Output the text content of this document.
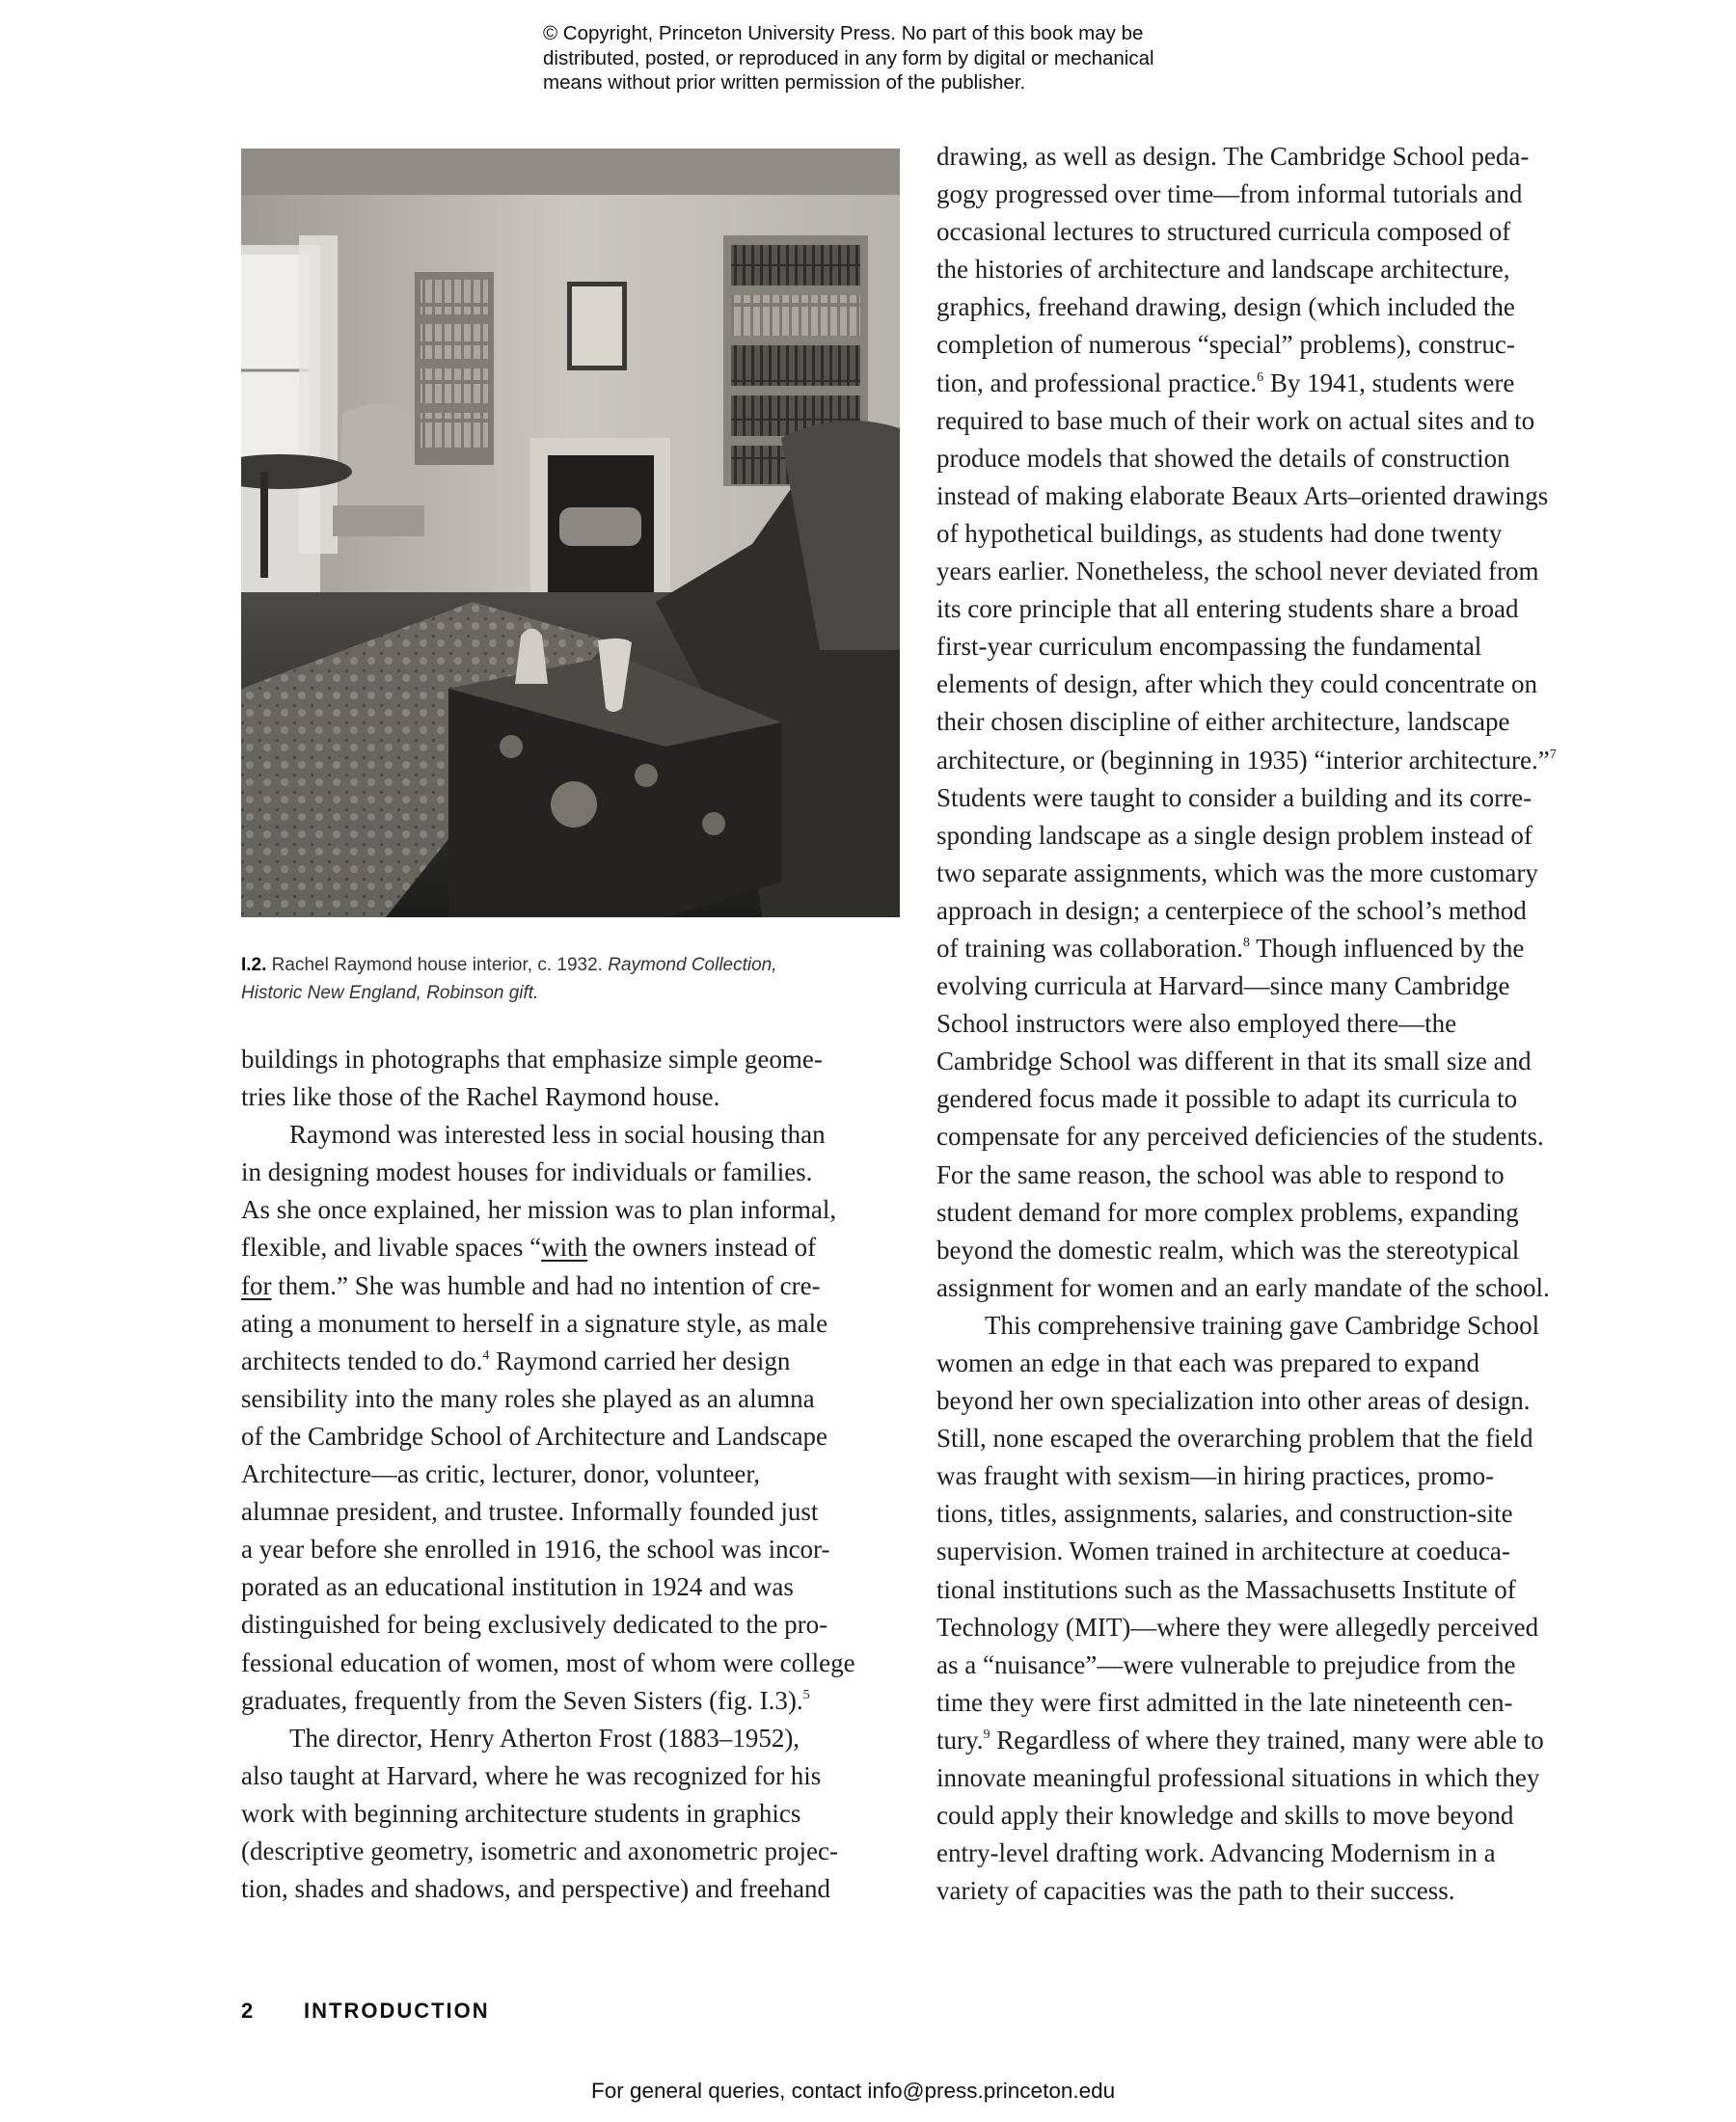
© Copyright, Princeton University Press. No part of this book may be
distributed, posted, or reproduced in any form by digital or mechanical
means without prior written permission of the publisher.
I.2. Rachel Raymond house interior, c. 1932. Raymond Collection,
Historic New England, Robinson gift.
buildings in photographs that emphasize simple geome-
tries like those of the Rachel Raymond house.
Raymond was interested less in social housing than
in designing modest houses for individuals or families.
As she once explained, her mission was to plan informal,
flexible, and livable spaces “with the owners instead of
for them.” She was humble and had no intention of cre-
ating a monument to herself in a signature style, as male
architects tended to do.$^4$ Raymond carried her design
sensibility into the many roles she played as an alumna
of the Cambridge School of Architecture and Landscape
Architecture—as critic, lecturer, donor, volunteer,
alumnae president, and trustee. Informally founded just
a year before she enrolled in 1916, the school was incor-
porated as an educational institution in 1924 and was
distinguished for being exclusively dedicated to the pro-
fessional education of women, most of whom were college
graduates, frequently from the Seven Sisters (fig. I.3).$^5$
The director, Henry Atherton Frost (1883–1952),
also taught at Harvard, where he was recognized for his
work with beginning architecture students in graphics
(descriptive geometry, isometric and axonometric projec-
tion, shades and shadows, and perspective) and freehand
drawing, as well as design. The Cambridge School peda-
gogy progressed over time—from informal tutorials and
occasional lectures to structured curricula composed of
the histories of architecture and landscape architecture,
graphics, freehand drawing, design (which included the
completion of numerous “special” problems), construc-
tion, and professional practice.$^6$ By 1941, students were
required to base much of their work on actual sites and to
produce models that showed the details of construction
instead of making elaborate Beaux Arts–oriented drawings
of hypothetical buildings, as students had done twenty
years earlier. Nonetheless, the school never deviated from
its core principle that all entering students share a broad
first-year curriculum encompassing the fundamental
elements of design, after which they could concentrate on
their chosen discipline of either architecture, landscape
architecture, or (beginning in 1935) “interior architecture.”$^7$
Students were taught to consider a building and its corre-
sponding landscape as a single design problem instead of
two separate assignments, which was the more customary
approach in design; a centerpiece of the school’s method
of training was collaboration.$^8$ Though influenced by the
evolving curricula at Harvard—since many Cambridge
School instructors were also employed there—the
Cambridge School was different in that its small size and
gendered focus made it possible to adapt its curricula to
compensate for any perceived deficiencies of the students.
For the same reason, the school was able to respond to
student demand for more complex problems, expanding
beyond the domestic realm, which was the stereotypical
assignment for women and an early mandate of the school.
This comprehensive training gave Cambridge School
women an edge in that each was prepared to expand
beyond her own specialization into other areas of design.
Still, none escaped the overarching problem that the field
was fraught with sexism—in hiring practices, promo-
tions, titles, assignments, salaries, and construction-site
supervision. Women trained in architecture at coeduca-
tional institutions such as the Massachusetts Institute of
Technology (MIT)—where they were allegedly perceived
as a “nuisance”—were vulnerable to prejudice from the
time they were first admitted in the late nineteenth cen-
tury.$^9$ Regardless of where they trained, many were able to
innovate meaningful professional situations in which they
could apply their knowledge and skills to move beyond
entry-level drafting work. Advancing Modernism in a
variety of capacities was the path to their success.
2 INTRODUCTION
For general queries, contact info@press.princeton.edu
